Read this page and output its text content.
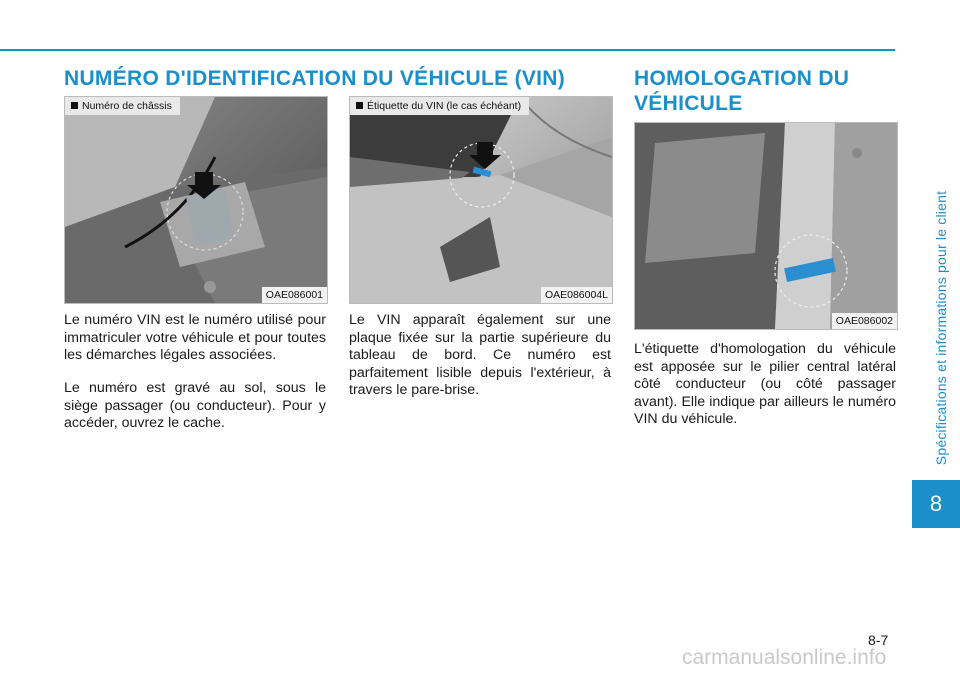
Spécifications et informations pour le client
8
NUMÉRO D'IDENTIFICATION DU VÉHICULE (VIN)	HOMOLOGATION DU VÉHICULE
Numéro de châssis
OAE086001
Étiquette du VIN (le cas échéant)
OAE086004L
OAE086002

Le numéro VIN est le numéro utilisé pour immatriculer votre véhicule et pour toutes les démarches légales associées.

Le numéro est gravé au sol, sous le siège passager (ou conducteur). Pour y accéder, ouvrez le cache.

Le VIN apparaît également sur une plaque fixée sur la partie supérieure du tableau de bord. Ce numéro est parfaitement lisible depuis l'extérieur, à travers le pare-brise.

L'étiquette d'homologation du véhicule est apposée sur le pilier central latéral côté conducteur (ou côté passager avant). Elle indique par ailleurs le numéro VIN du véhicule.

8-7
carmanualsonline.info
